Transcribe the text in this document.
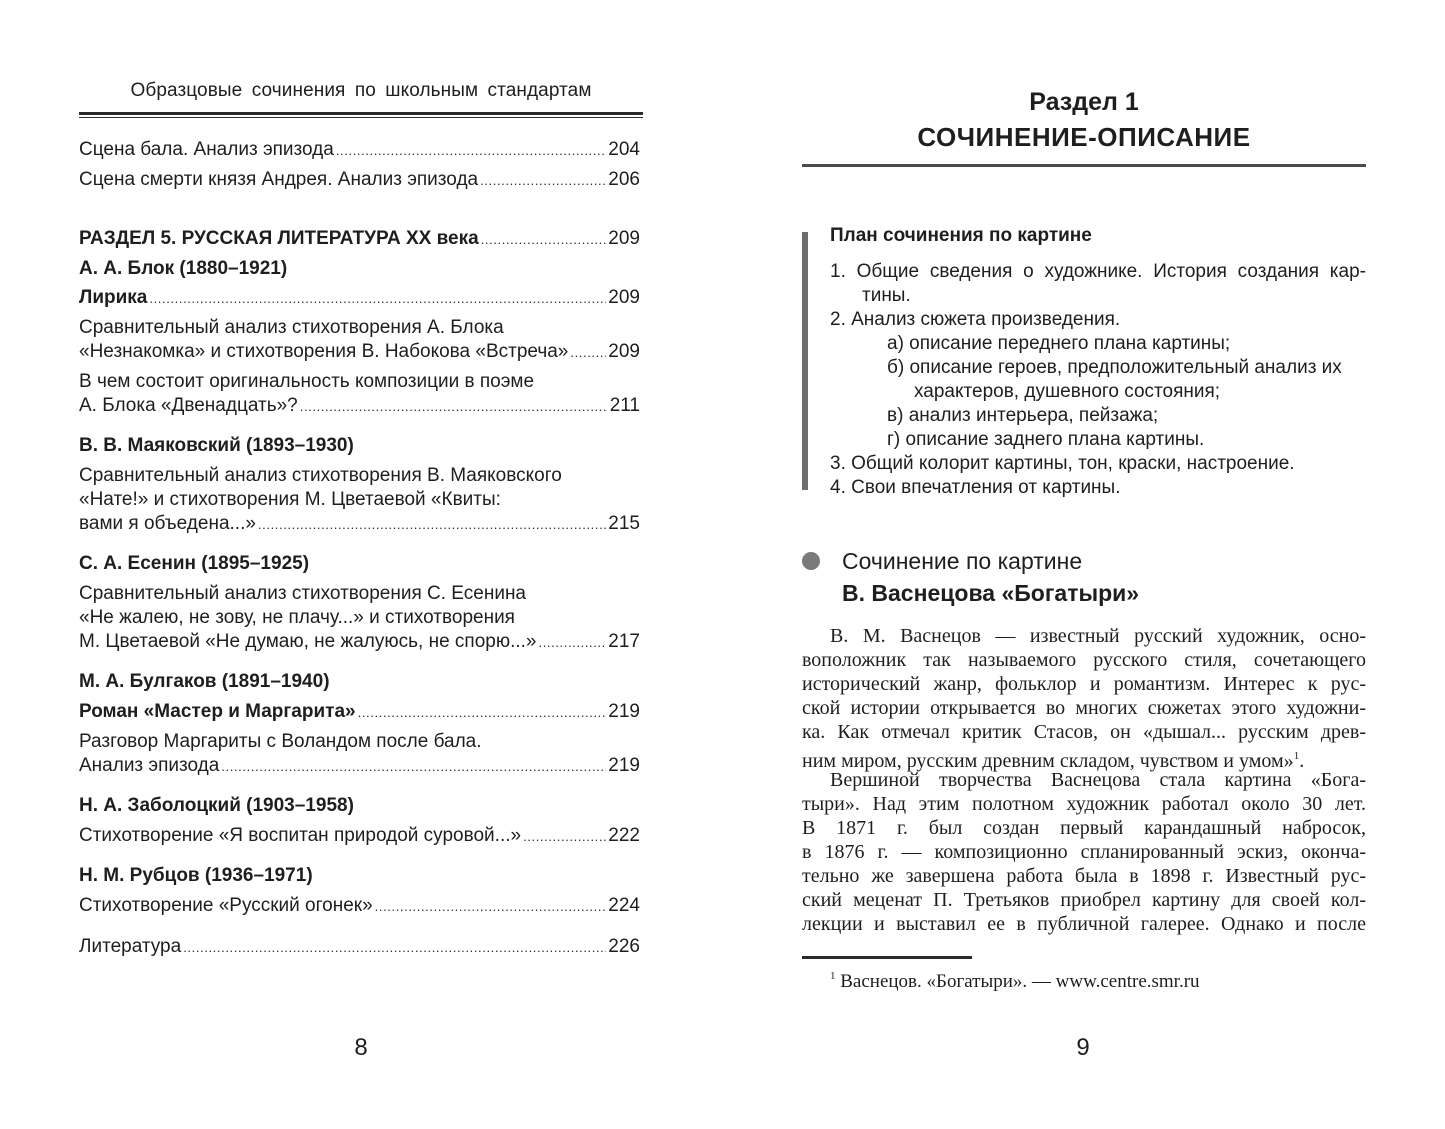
Образцовые сочинения по школьным стандартам
Сцена бала. Анализ эпизода .....	204
Сцена смерти князя Андрея. Анализ эпизода .....	206
РАЗДЕЛ 5. РУССКАЯ ЛИТЕРАТУРА XX века .....	209
А. А. Блок (1880–1921)
Лирика .....	209
Сравнительный анализ стихотворения А. Блока
«Незнакомка» и стихотворения В. Набокова «Встреча» ..... 209
В чем состоит оригинальность композиции в поэме
А. Блока «Двенадцать»? .....	211
В. В. Маяковский (1893–1930)
Сравнительный анализ стихотворения В. Маяковского
«Нате!» и стихотворения М. Цветаевой «Квиты:
вами я объедена...» .....	215
С. А. Есенин (1895–1925)
Сравнительный анализ стихотворения С. Есенина
«Не жалею, не зову, не плачу...» и стихотворения
М. Цветаевой «Не думаю, не жалуюсь, не спорю...» .....	217
М. А. Булгаков (1891–1940)
Роман «Мастер и Маргарита» .....	219
Разговор Маргариты с Воландом после бала.
Анализ эпизода .....	219
Н. А. Заболоцкий (1903–1958)
Стихотворение «Я воспитан природой суровой...» .....	222
Н. М. Рубцов (1936–1971)
Стихотворение «Русский огонек» .....	224
Литература .....	226
8
Раздел 1
СОЧИНЕНИЕ-ОПИСАНИЕ
План сочинения по картине
1. Общие сведения о художнике. История создания кар-
тины.
2. Анализ сюжета произведения.
а) описание переднего плана картины;
б) описание героев, предположительный анализ их
характеров, душевного состояния;
в) анализ интерьера, пейзажа;
г) описание заднего плана картины.
3. Общий колорит картины, тон, краски, настроение.
4. Свои впечатления от картины.
Сочинение по картине
В. Васнецова «Богатыри»
В. М. Васнецов — известный русский художник, осно-
воположник так называемого русского стиля, сочетающего
исторический жанр, фольклор и романтизм. Интерес к рус-
ской истории открывается во многих сюжетах этого художни-
ка. Как отмечал критик Стасов, он «дышал... русским древ-
ним миром, русским древним складом, чувством и умом»$^1$.
Вершиной творчества Васнецова стала картина «Бога-
тыри». Над этим полотном художник работал около 30 лет.
В 1871 г. был создан первый карандашный набросок,
в 1876 г. — композиционно спланированный эскиз, оконча-
тельно же завершена работа была в 1898 г. Известный рус-
ский меценат П. Третьяков приобрел картину для своей кол-
лекции и выставил ее в публичной галерее. Однако и после
$^1$ Васнецов. «Богатыри». — www.centre.smr.ru
9
